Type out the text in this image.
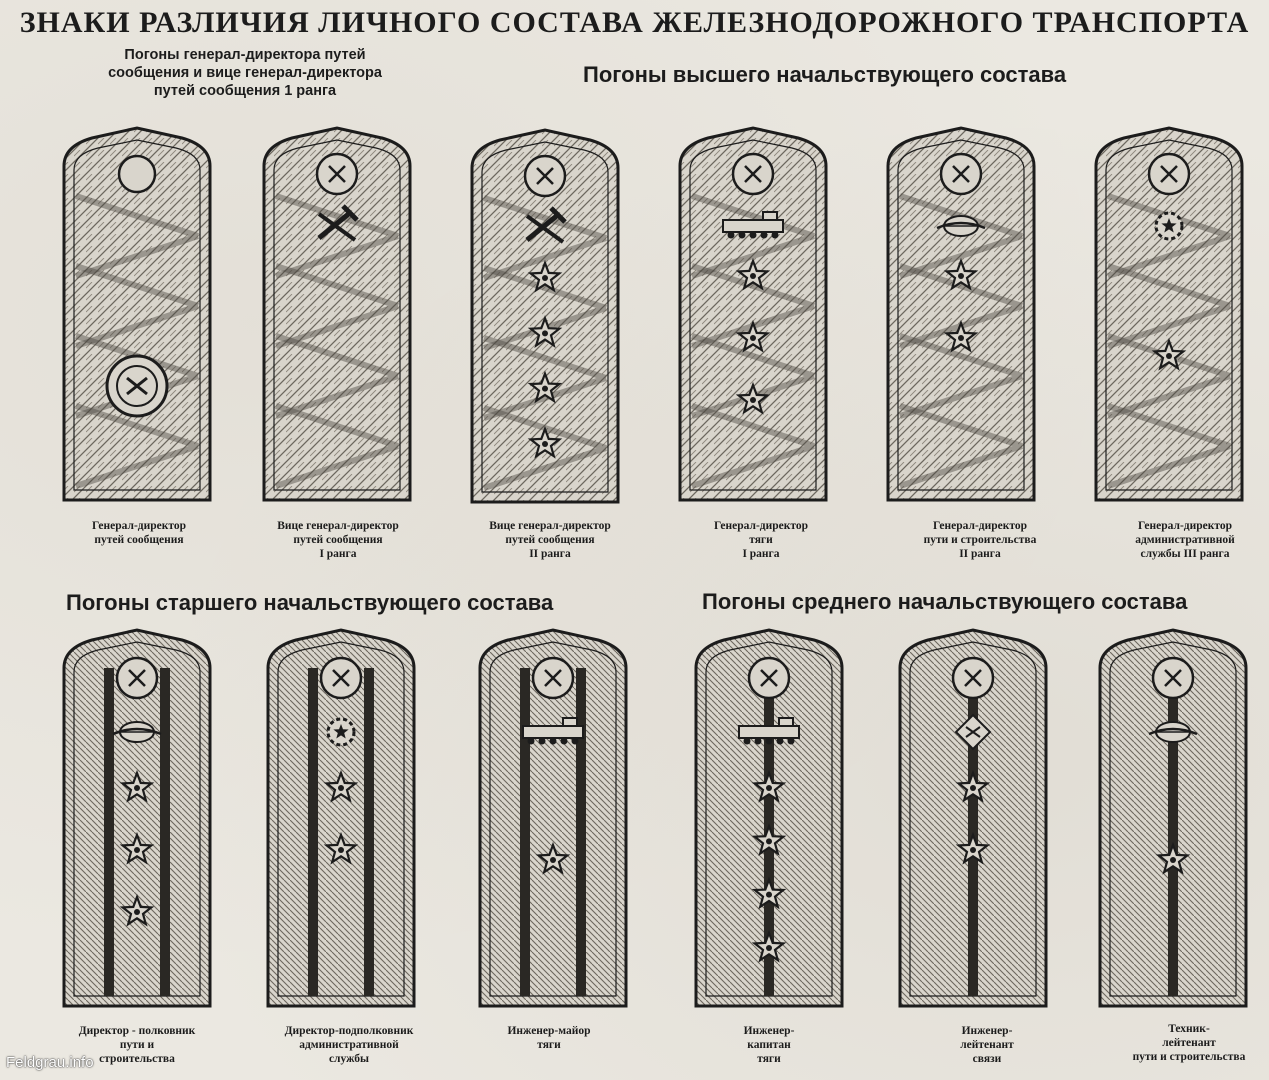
ЗНАКИ РАЗЛИЧИЯ ЛИЧНОГО СОСТАВА ЖЕЛЕЗНОДОРОЖНОГО ТРАНСПОРТА
Погоны генерал-директора путей
сообщения и вице генерал-директора
путей сообщения 1 ранга
Погоны высшего начальствующего состава
Погоны старшего начальствующего состава	Погоны среднего начальствующего состава
Генерал-директор
путей сообщения
Вице генерал-директор
путей сообщения
I ранга
Вице генерал-директор
путей сообщения
II ранга
Генерал-директор
тяги
I ранга
Генерал-директор
пути и строительства
II ранга
Генерал-директор
административной
службы III ранга
Директор - полковник
пути и
строительства
Директор-подполковник
административной
службы
Инженер-майор
тяги
Инженер-
капитан
тяги
Инженер-
лейтенант
связи
Техник-
лейтенант
пути и строительства
Feldgrau.info
